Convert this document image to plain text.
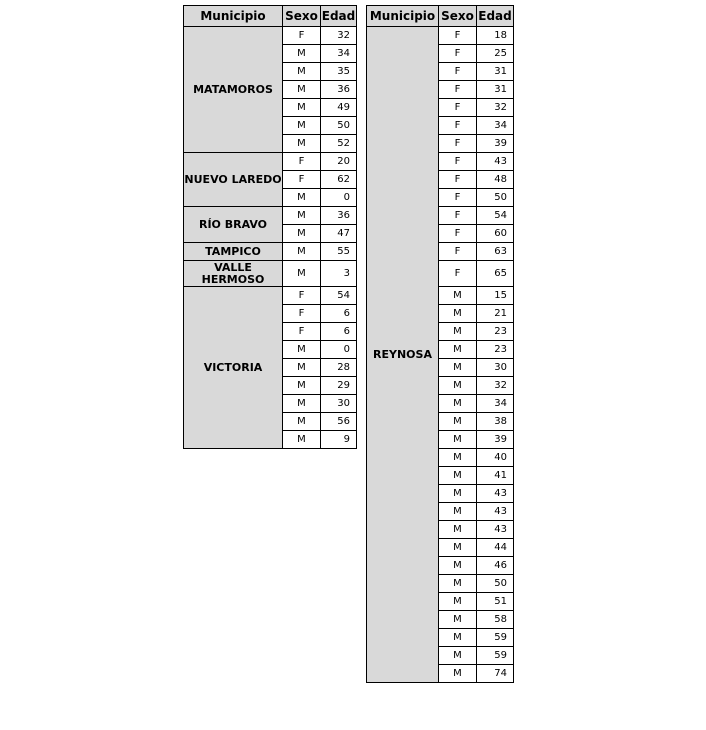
Municipio	Sexo	Edad
MATAMOROS	F	32
	M	34
	M	35
	M	36
	M	49
	M	50
	M	52
NUEVO LAREDO	F	20
	F	62
	M	0
RÍO BRAVO	M	36
	M	47
TAMPICO	M	55
VALLE HERMOSO	M	3
VICTORIA	F	54
	F	6
	F	6
	M	0
	M	28
	M	29
	M	30
	M	56
	M	9
Municipio	Sexo	Edad
REYNOSA	F	18
	F	25
	F	31
	F	31
	F	32
	F	34
	F	39
	F	43
	F	48
	F	50
	F	54
	F	60
	F	63
	F	65
	M	15
	M	21
	M	23
	M	23
	M	30
	M	32
	M	34
	M	38
	M	39
	M	40
	M	41
	M	43
	M	43
	M	43
	M	44
	M	46
	M	50
	M	51
	M	58
	M	59
	M	59
	M	74
